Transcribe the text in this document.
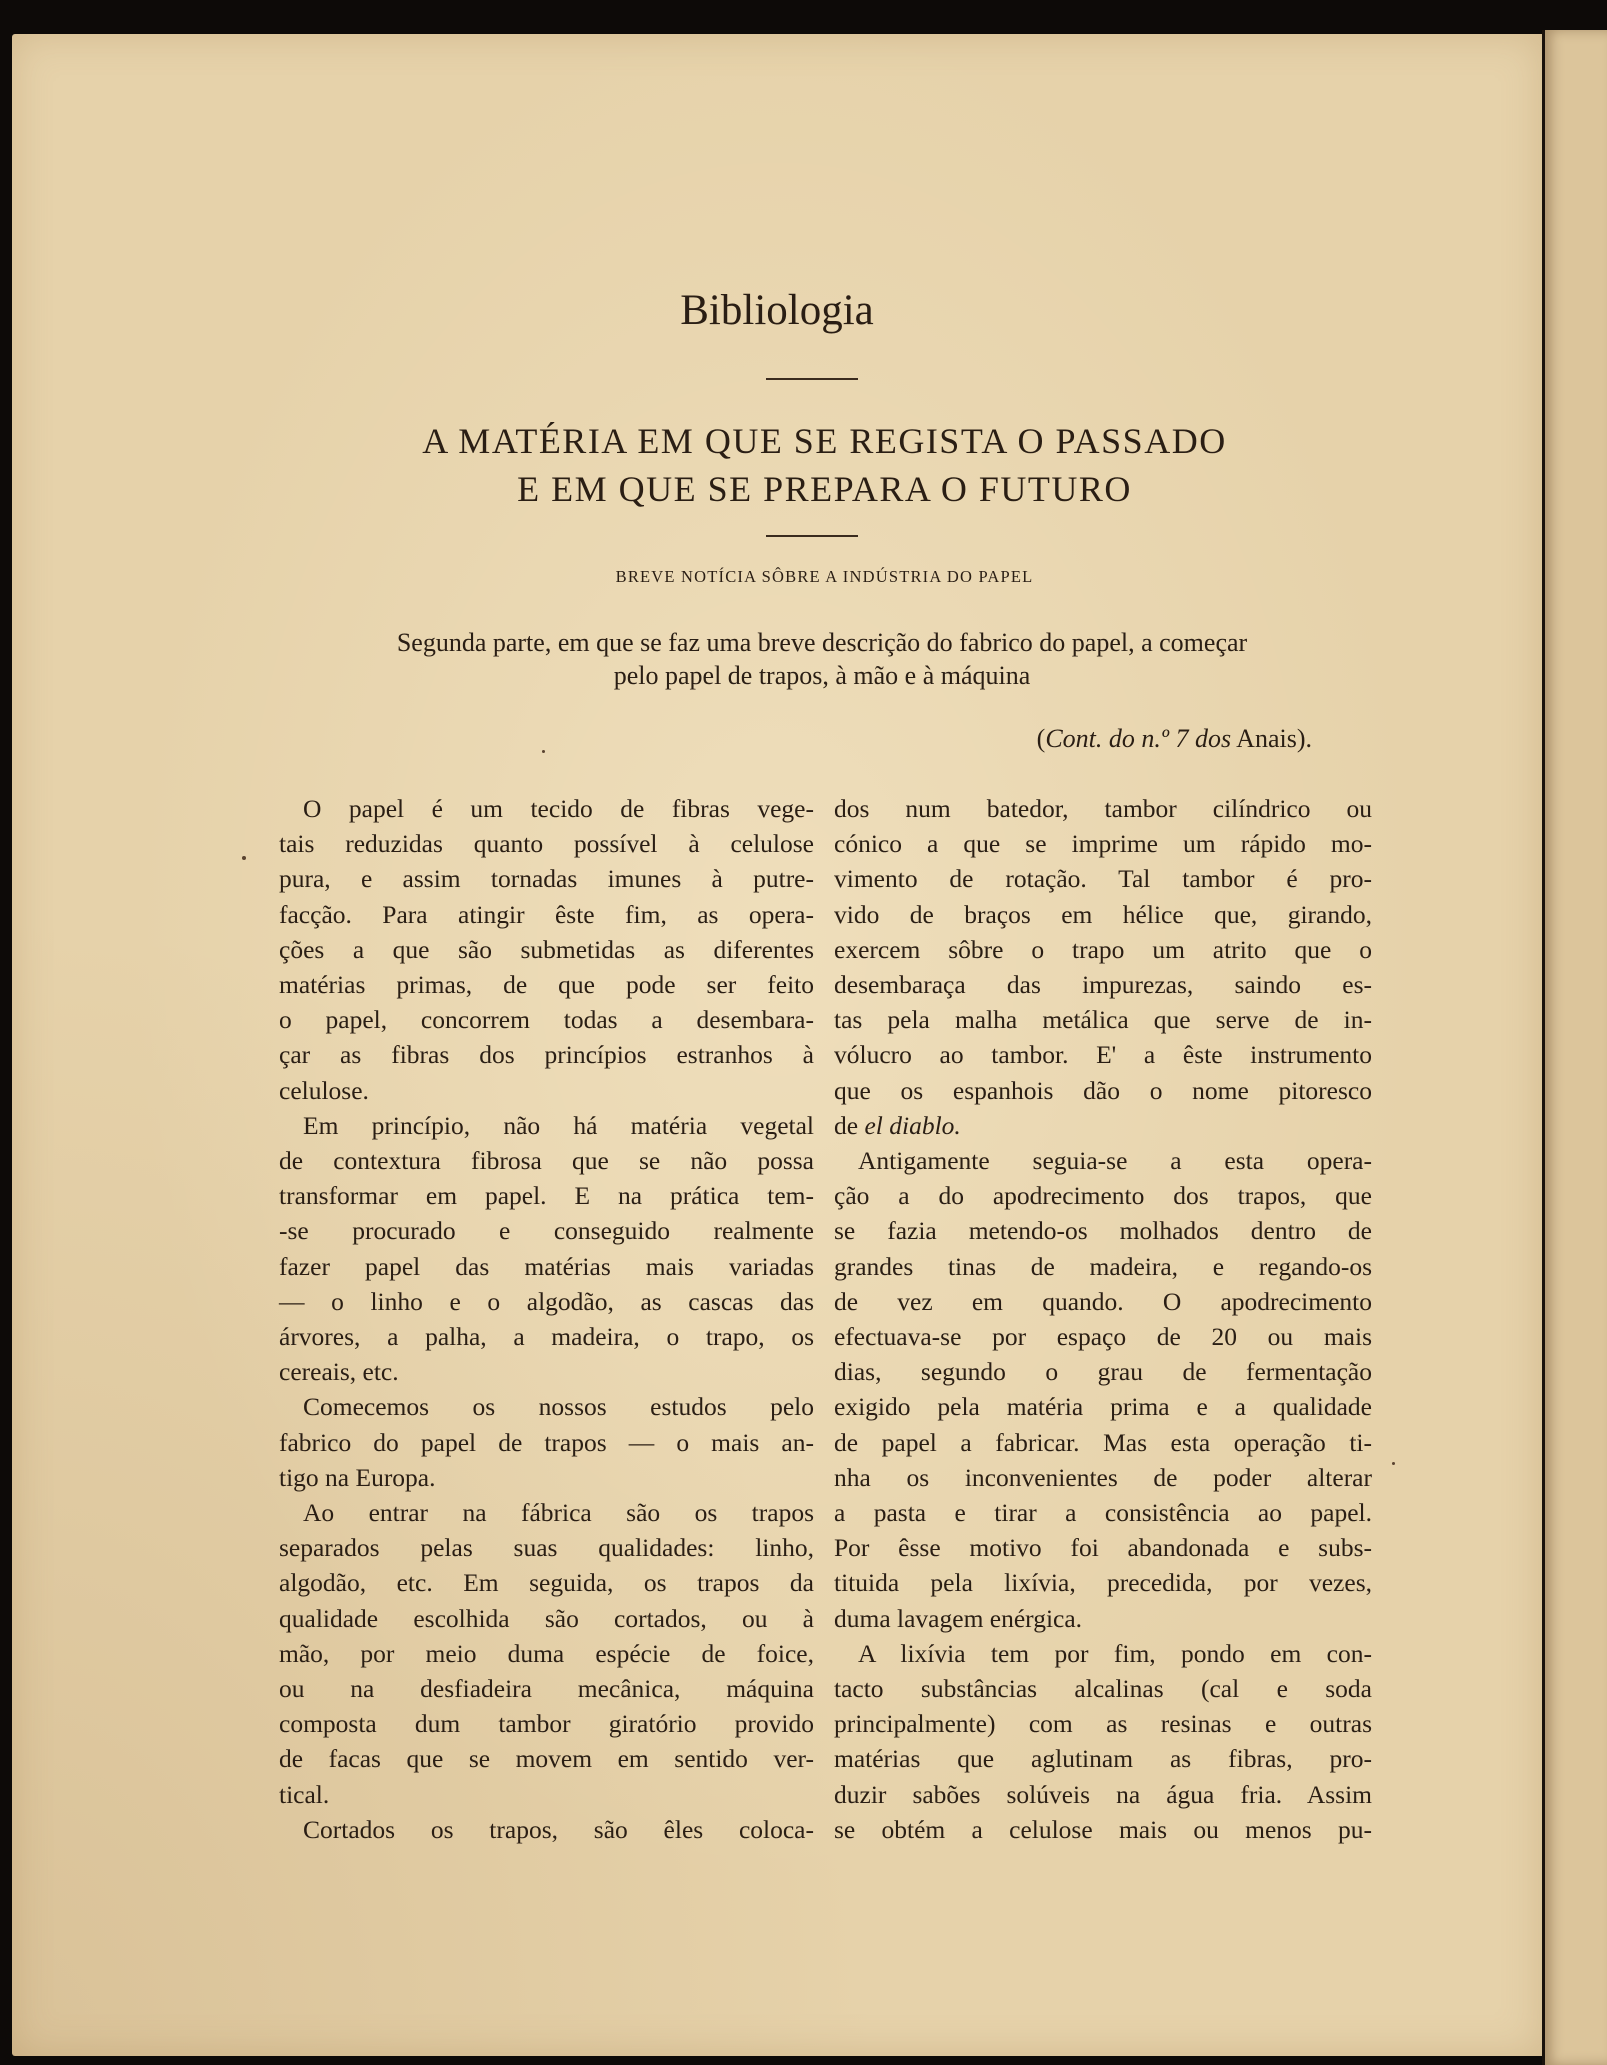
Bibliologia
A MATÉRIA EM QUE SE REGISTA O PASSADO
E EM QUE SE PREPARA O FUTURO
BREVE NOTÍCIA SÔBRE A INDÚSTRIA DO PAPEL

Segunda parte, em que se faz uma breve descrição do fabrico do papel, a começar
pelo papel de trapos, à mão e à máquina

(Cont. do n.º 7 dos Anais).
O papel é um tecido de fibras vege-
tais reduzidas quanto possível à celulose
pura, e assim tornadas imunes à putre-
facção. Para atingir êste fim, as opera-
ções a que são submetidas as diferentes
matérias primas, de que pode ser feito
o papel, concorrem todas a desembara-
çar as fibras dos princípios estranhos à
celulose.
Em princípio, não há matéria vegetal
de contextura fibrosa que se não possa
transformar em papel. E na prática tem-
-se procurado e conseguido realmente
fazer papel das matérias mais variadas
— o linho e o algodão, as cascas das
árvores, a palha, a madeira, o trapo, os
cereais, etc.
Comecemos os nossos estudos pelo
fabrico do papel de trapos — o mais an-
tigo na Europa.
Ao entrar na fábrica são os trapos
separados pelas suas qualidades: linho,
algodão, etc. Em seguida, os trapos da
qualidade escolhida são cortados, ou à
mão, por meio duma espécie de foice,
ou na desfiadeira mecânica, máquina
composta dum tambor giratório provido
de facas que se movem em sentido ver-
tical.
Cortados os trapos, são êles coloca-
dos num batedor, tambor cilíndrico ou
cónico a que se imprime um rápido mo-
vimento de rotação. Tal tambor é pro-
vido de braços em hélice que, girando,
exercem sôbre o trapo um atrito que o
desembaraça das impurezas, saindo es-
tas pela malha metálica que serve de in-
vólucro ao tambor. E' a êste instrumento
que os espanhois dão o nome pitoresco
de el diablo.
Antigamente seguia-se a esta opera-
ção a do apodrecimento dos trapos, que
se fazia metendo-os molhados dentro de
grandes tinas de madeira, e regando-os
de vez em quando. O apodrecimento
efectuava-se por espaço de 20 ou mais
dias, segundo o grau de fermentação
exigido pela matéria prima e a qualidade
de papel a fabricar. Mas esta operação ti-
nha os inconvenientes de poder alterar
a pasta e tirar a consistência ao papel.
Por êsse motivo foi abandonada e subs-
tituida pela lixívia, precedida, por vezes,
duma lavagem enérgica.
A lixívia tem por fim, pondo em con-
tacto substâncias alcalinas (cal e soda
principalmente) com as resinas e outras
matérias que aglutinam as fibras, pro-
duzir sabões solúveis na água fria. Assim
se obtém a celulose mais ou menos pu-
